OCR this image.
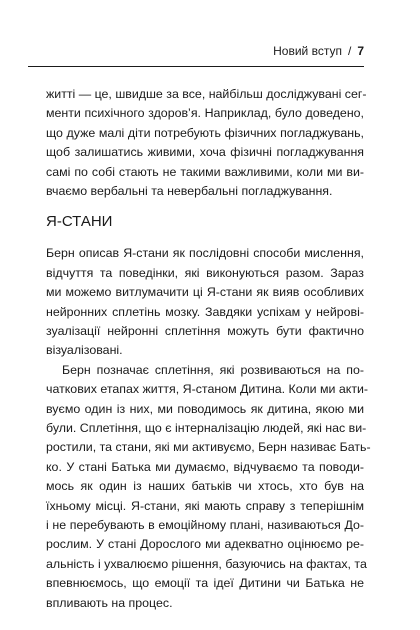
Новий вступ / 7
житті — це, швидше за все, найбільш досліджувані сег-
менти психічного здоров’я. Наприклад, було доведено,
що дуже малі діти потребують фізичних погладжувань,
щоб залишатись живими, хоча фізичні погладжування
самі по собі стають не такими важливими, коли ми ви-
вчаємо вербальні та невербальні погладжування.
Я-СТАНИ
Берн описав Я-стани як послідовні способи мислення,
відчуття та поведінки, які виконуються разом. Зараз
ми можемо витлумачити ці Я-стани як вияв особливих
нейронних сплетінь мозку. Завдяки успіхам у нейрові-
зуалізації нейронні сплетіння можуть бути фактично
візуалізовані.
Берн позначає сплетіння, які розвиваються на по-
чаткових етапах життя, Я-станом Дитина. Коли ми акти-
вуємо один із них, ми поводимось як дитина, якою ми
були. Сплетіння, що є інтерналізацію людей, які нас ви-
ростили, та стани, які ми активуємо, Берн називає Бать-
ко. У стані Батька ми думаємо, відчуваємо та поводи-
мось як один із наших батьків чи хтось, хто був на
їхньому місці. Я-стани, які мають справу з теперішнім
і не перебувають в емоційному плані, називаються До-
рослим. У стані Дорослого ми адекватно оцінюємо ре-
альність і ухвалюємо рішення, базуючись на фактах, та
впевнюємось, що емоції та ідеї Дитини чи Батька не
впливають на процес.
